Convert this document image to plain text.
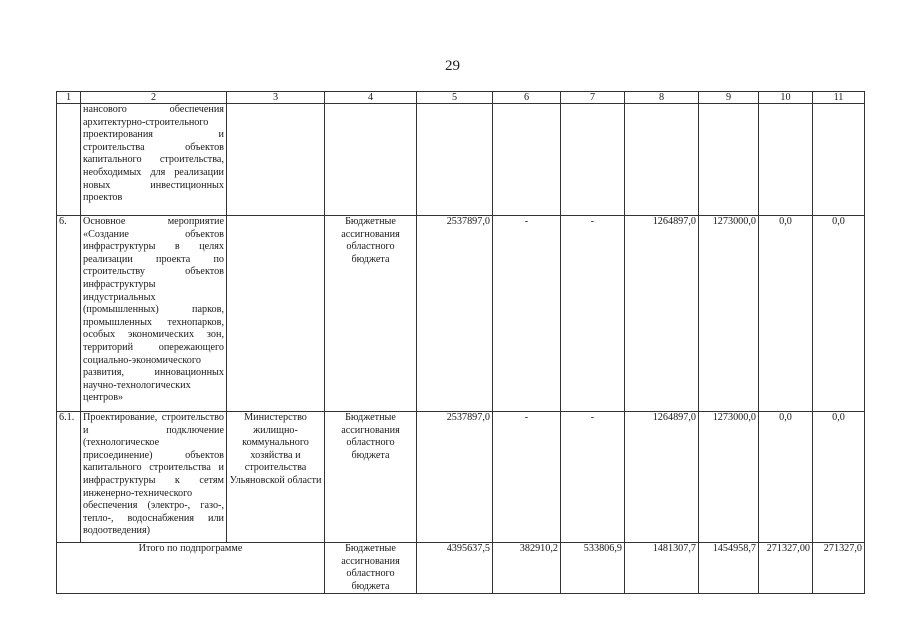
29
1	2	3	4	5	6	7	8	9	10	11
	нансового обеспечения архитектурно-строительного проектирования и строительства объектов капитального строительства, необходимых для реализации новых инвестиционных проектов									
6.	Основное мероприятие «Создание объектов инфраструктуры в целях реализации проекта по строительству объектов инфраструктуры индустриальных (промышленных) парков, промышленных технопарков, особых экономических зон, территорий опережающего социально-экономического развития, инновационных научно-технологических центров»		Бюджетные ассигнования областного бюджета	2537897,0	-	-	1264897,0	1273000,0	0,0	0,0
6.1.	Проектирование, строительство и подключение (технологическое присоединение) объектов капитального строительства и инфраструктуры к сетям инженерно-технического обеспечения (электро-, газо-, тепло-, водоснабжения или водоотведения)	Министерство жилищно-коммунального хозяйства и строительства Ульяновской области	Бюджетные ассигнования областного бюджета	2537897,0	-	-	1264897,0	1273000,0	0,0	0,0
Итого по подпрограмме			Бюджетные ассигнования областного бюджета	4395637,5	382910,2	533806,9	1481307,7	1454958,7	271327,00	271327,0
